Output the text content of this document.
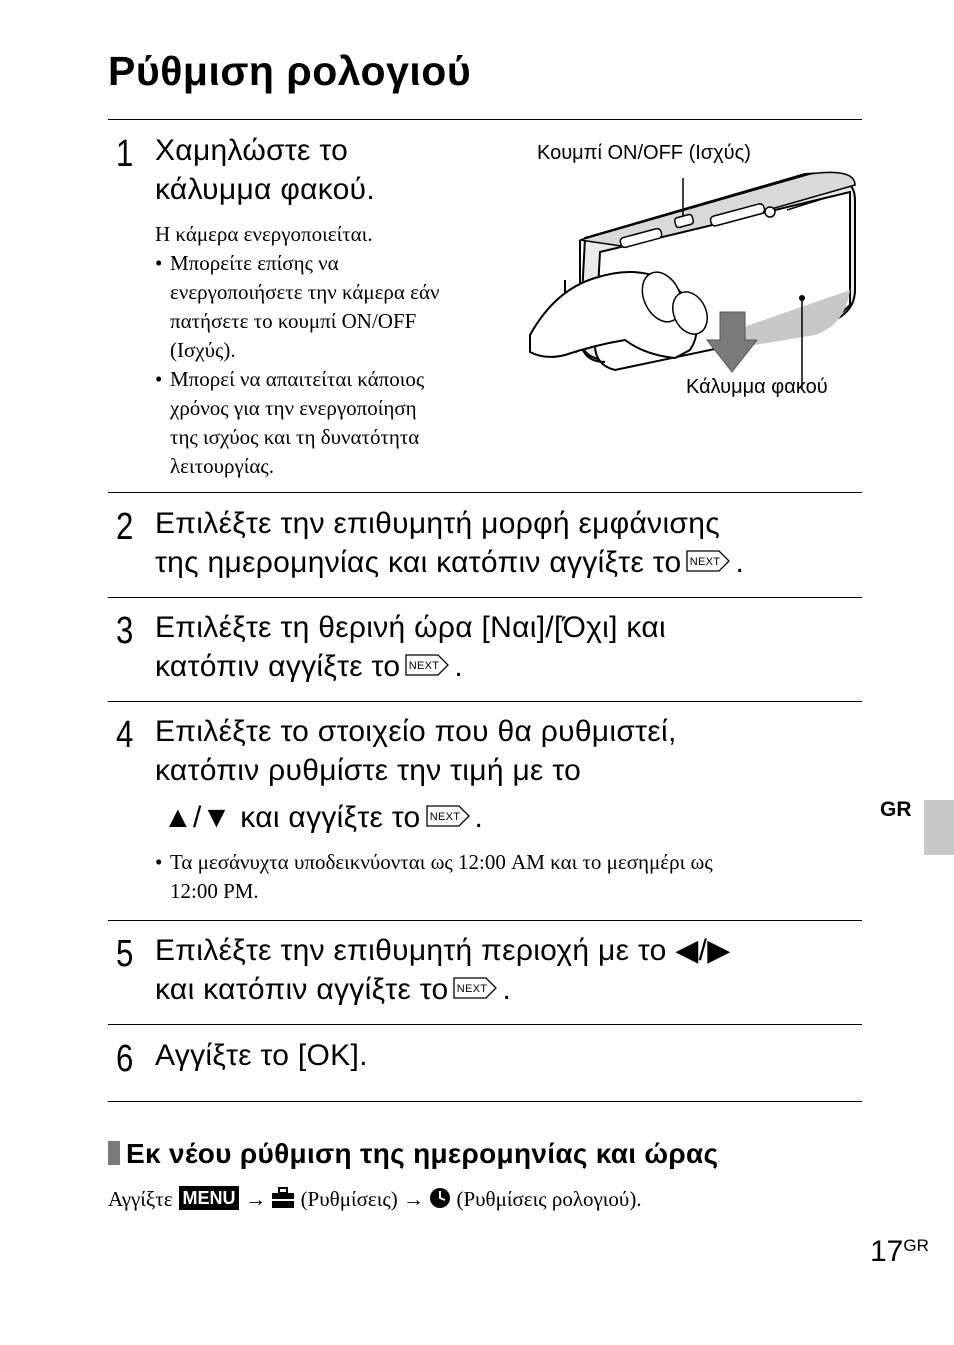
Ρύθμιση ρολογιού
1 Χαμηλώστε το
κάλυμμα φακού.
Η κάμερα ενεργοποιείται.
• Μπορείτε επίσης να
ενεργοποιήσετε την κάμερα εάν
πατήσετε το κουμπί ON/OFF
(Ισχύς).
• Μπορεί να απαιτείται κάποιος
χρόνος για την ενεργοποίηση
της ισχύος και τη δυνατότητα
λειτουργίας.
Κουμπί ON/OFF (Ισχύς)
Κάλυμμα φακού
2 Επιλέξτε την επιθυμητή μορφή εμφάνισης
της ημερομηνίας και κατόπιν αγγίξτε το NEXT .
3 Επιλέξτε τη θερινή ώρα [Ναι]/[Όχι] και
κατόπιν αγγίξτε το NEXT .
4 Επιλέξτε το στοιχείο που θα ρυθμιστεί,
κατόπιν ρυθμίστε την τιμή με το
▲/▼ και αγγίξτε το NEXT .
• Τα μεσάνυχτα υποδεικνύονται ως 12:00 AM και το μεσημέρι ως
12:00 PM.
5 Επιλέξτε την επιθυμητή περιοχή με το ◀/▶
και κατόπιν αγγίξτε το NEXT .
6 Αγγίξτε το [OK].
GR
Εκ νέου ρύθμιση της ημερομηνίας και ώρας
Αγγίξτε MENU → (Ρυθμίσεις) → (Ρυθμίσεις ρολογιού).
$17^{GR}$
